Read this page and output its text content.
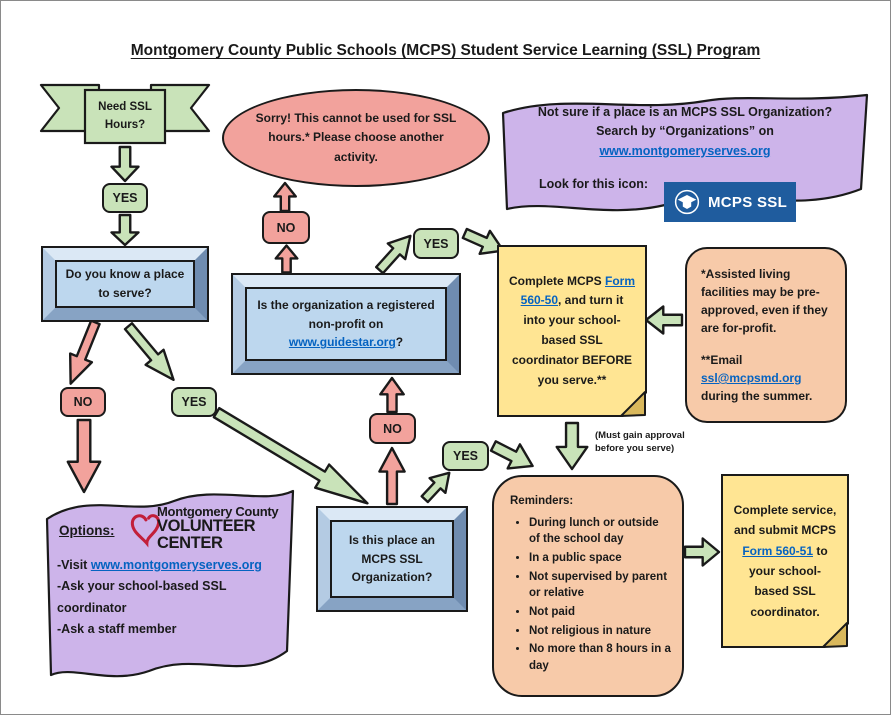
Montgomery County Public Schools (MCPS) Student Service Learning (SSL) Program
Need SSL Hours?
YES
Do you know a place to serve?
NO	YES
Sorry! This cannot be used for SSL hours.* Please choose another activity.
NO
Is the organization a registered non-profit on www.guidestar.org?
YES
Not sure if a place is an MCPS SSL Organization?
Search by “Organizations” on
www.montgomeryserves.org
Look for this icon:
MCPS SSL
Complete MCPS Form 560-50, and turn it into your school-based SSL coordinator BEFORE you serve.**
*Assisted living facilities may be pre-approved, even if they are for-profit.
**Email
ssl@mcpsmd.org
during the summer.
(Must gain approval before you serve)
NO
YES
Is this place an MCPS SSL Organization?
Options:
Montgomery County
VOLUNTEER CENTER
-Visit www.montgomeryserves.org
-Ask your school-based SSL coordinator
-Ask a staff member
Reminders:
• During lunch or outside of the school day
• In a public space
• Not supervised by parent or relative
• Not paid
• Not religious in nature
• No more than 8 hours in a day
Complete service, and submit MCPS Form 560-51 to your school-based SSL coordinator.
